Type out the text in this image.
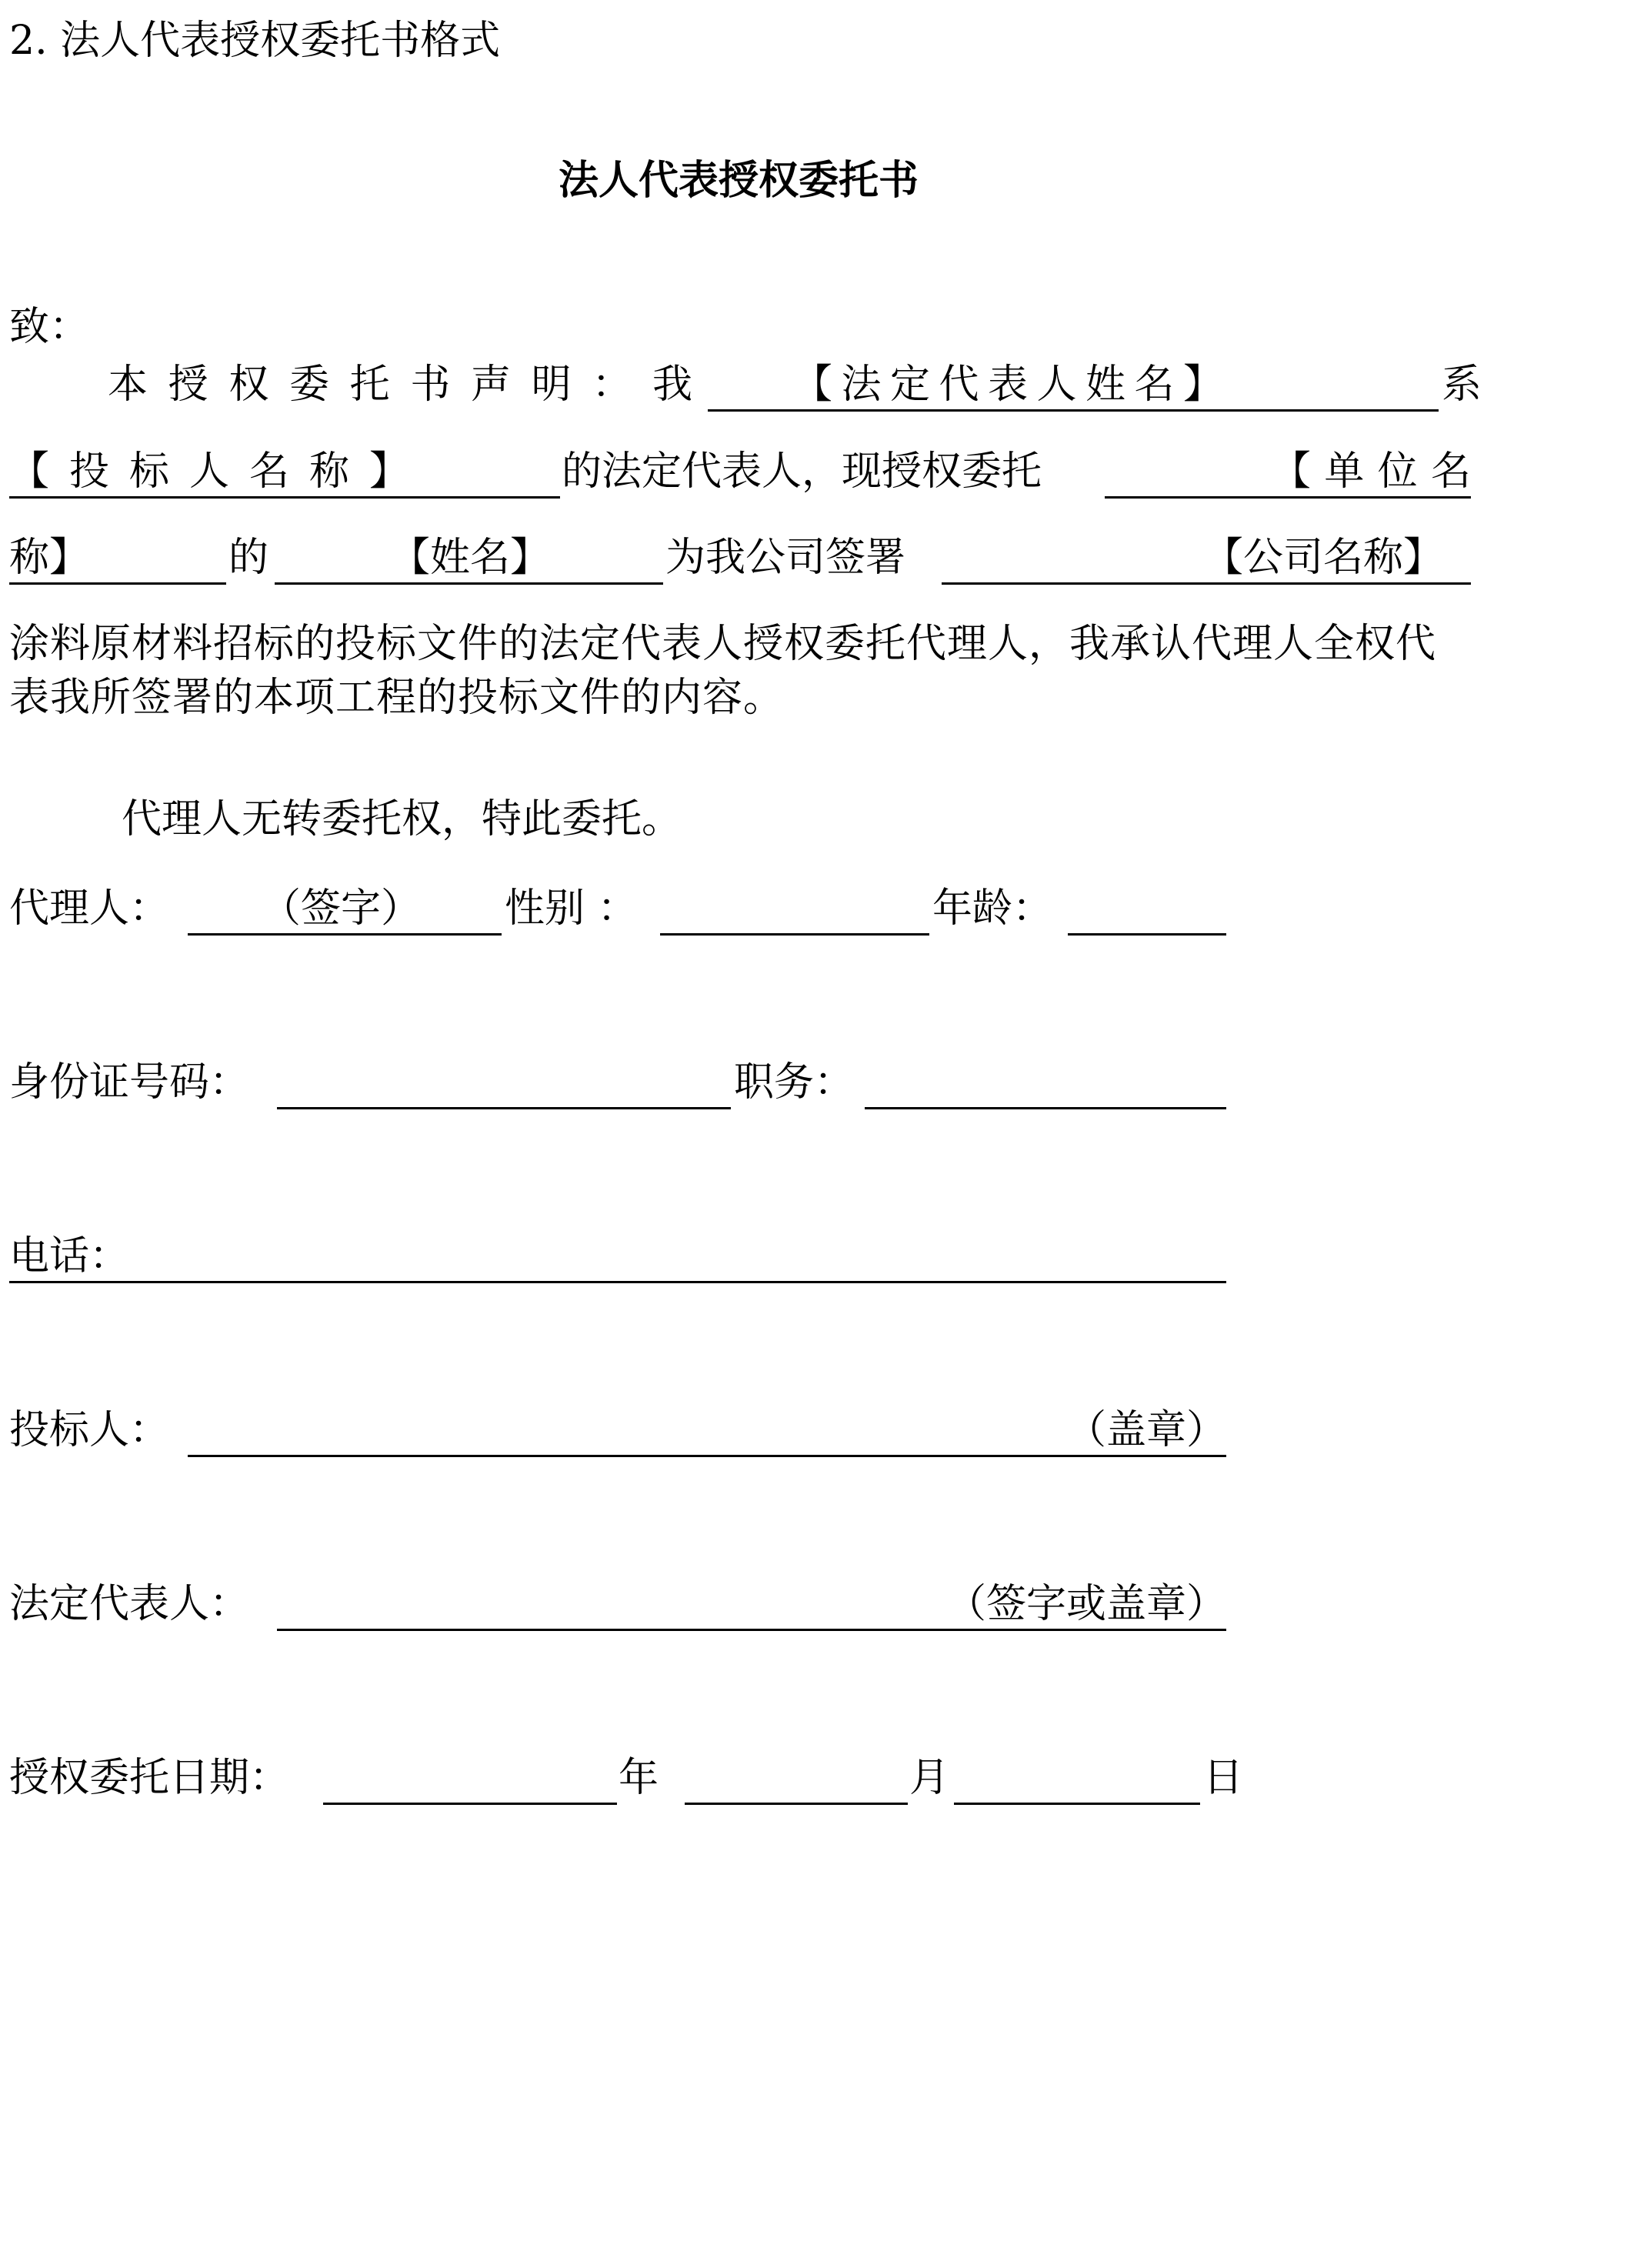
2. 法人代表授权委托书格式
法人代表授权委托书
致：
本授权委托书声明：我	【法定代表人姓名】	系
【投标人名称】	的法定代表人，现授权委托	【单位名
称】	的	【姓名】	为我公司签署	【公司名称】
涂料原材料招标的投标文件的法定代表人授权委托代理人，我承认代理人全权代表我所签署的本项工程的投标文件的内容。
代理人无转委托权，特此委托。
代理人： （签字） 性别 ：	年龄：
身份证号码：	职务：
电话：
投标人：	（盖章）
法定代表人：	（签字或盖章）
授权委托日期：	年	月	日
